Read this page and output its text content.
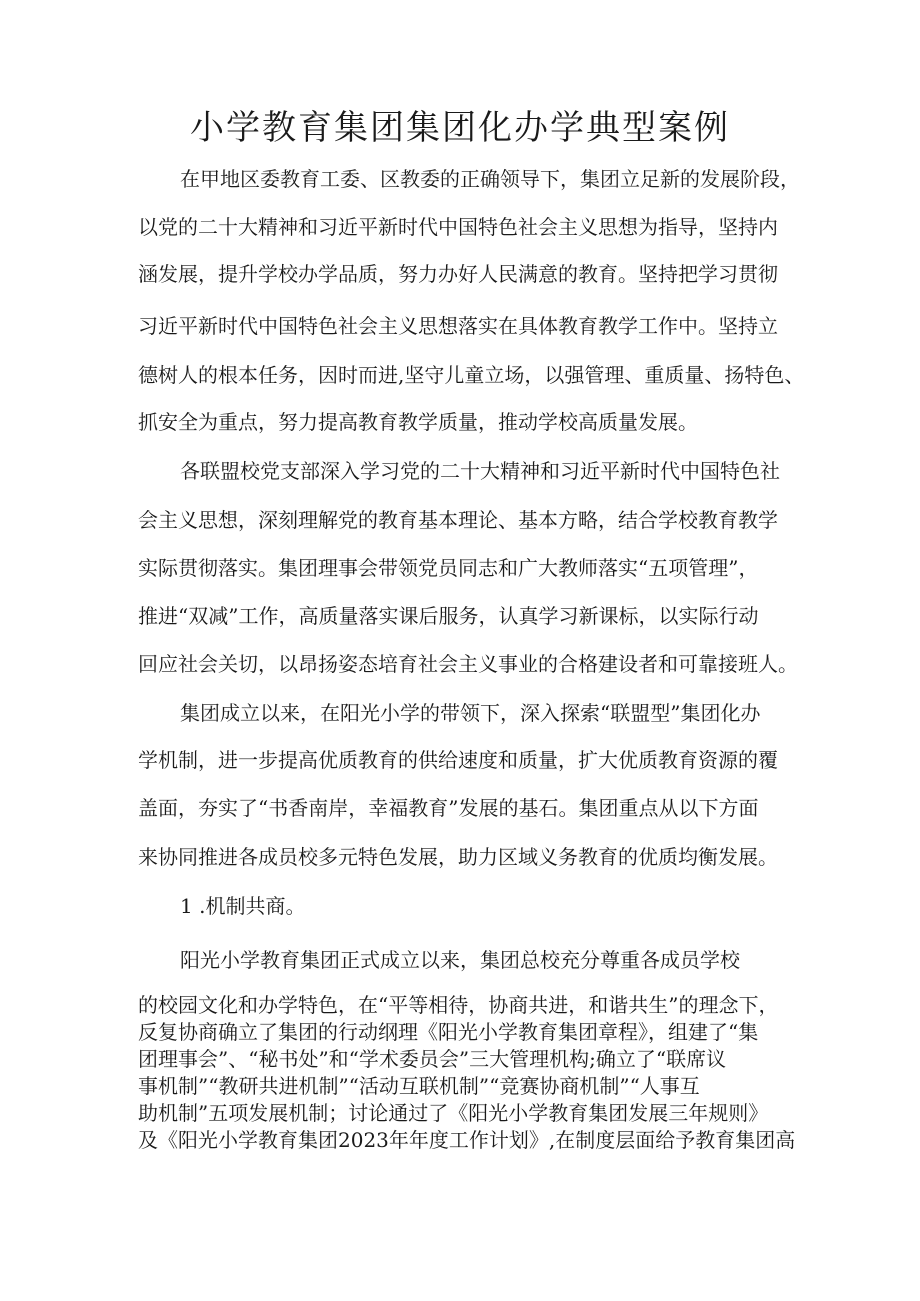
小学教育集团集团化办学典型案例
在甲地区委教育工委、区教委的正确领导下，集团立足新的发展阶段，
以党的二十大精神和习近平新时代中国特色社会主义思想为指导，坚持内
涵发展，提升学校办学品质，努力办好人民满意的教育。坚持把学习贯彻
习近平新时代中国特色社会主义思想落实在具体教育教学工作中。坚持立
德树人的根本任务，因时而进,坚守儿童立场，以强管理、重质量、扬特色、
抓安全为重点，努力提高教育教学质量，推动学校高质量发展。
各联盟校党支部深入学习党的二十大精神和习近平新时代中国特色社
会主义思想，深刻理解党的教育基本理论、基本方略，结合学校教育教学
实际贯彻落实。集团理事会带领党员同志和广大教师落实“五项管理”，
推进“双减”工作，高质量落实课后服务，认真学习新课标，以实际行动
回应社会关切，以昂扬姿态培育社会主义事业的合格建设者和可靠接班人。
集团成立以来，在阳光小学的带领下，深入探索“联盟型”集团化办
学机制，进一步提高优质教育的供给速度和质量，扩大优质教育资源的覆
盖面，夯实了“书香南岸，幸福教育”发展的基石。集团重点从以下方面
来协同推进各成员校多元特色发展，助力区域义务教育的优质均衡发展。
1 .机制共商。
阳光小学教育集团正式成立以来，集团总校充分尊重各成员学校
的校园文化和办学特色，在“平等相待，协商共进，和谐共生”的理念下，
反复协商确立了集团的行动纲理《阳光小学教育集团章程》，组建了“集
团理事会”、“秘书处”和“学术委员会”三大管理机构;确立了“联席议
事机制”“教研共进机制”“活动互联机制”“竞赛协商机制”“人事互
助机制”五项发展机制；讨论通过了《阳光小学教育集团发展三年规则》
及《阳光小学教育集团2023年年度工作计划》,在制度层面给予教育集团高
